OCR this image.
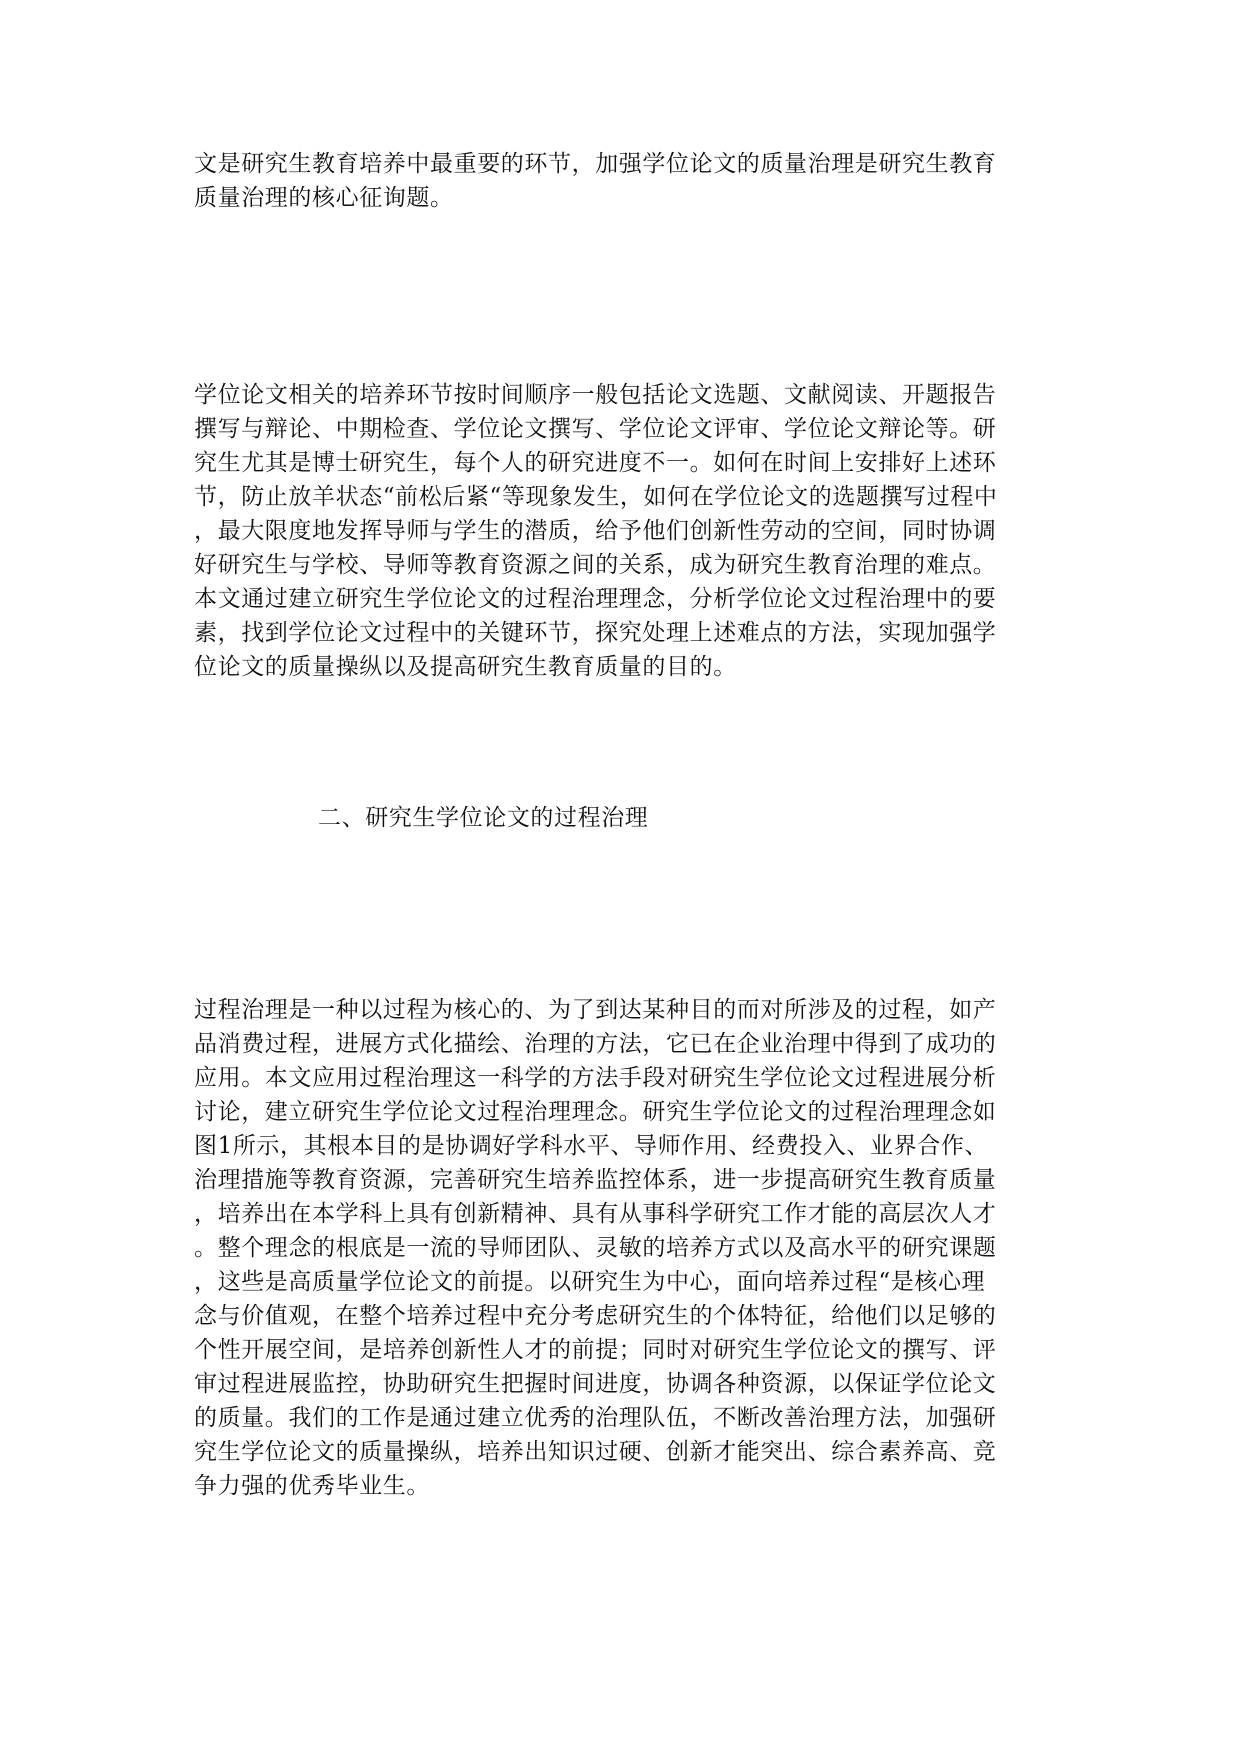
文是研究生教育培养中最重要的环节，加强学位论文的质量治理是研究生教育
质量治理的核心征询题。

学位论文相关的培养环节按时间顺序一般包括论文选题、文献阅读、开题报告
撰写与辩论、中期检查、学位论文撰写、学位论文评审、学位论文辩论等。研
究生尤其是博士研究生，每个人的研究进度不一。如何在时间上安排好上述环
节，防止放羊状态“前松后紧“等现象发生，如何在学位论文的选题撰写过程中
，最大限度地发挥导师与学生的潜质，给予他们创新性劳动的空间，同时协调
好研究生与学校、导师等教育资源之间的关系，成为研究生教育治理的难点。
本文通过建立研究生学位论文的过程治理理念，分析学位论文过程治理中的要
素，找到学位论文过程中的关键环节，探究处理上述难点的方法，实现加强学
位论文的质量操纵以及提高研究生教育质量的目的。

二、研究生学位论文的过程治理

过程治理是一种以过程为核心的、为了到达某种目的而对所涉及的过程，如产
品消费过程，进展方式化描绘、治理的方法，它已在企业治理中得到了成功的
应用。本文应用过程治理这一科学的方法手段对研究生学位论文过程进展分析
讨论，建立研究生学位论文过程治理理念。研究生学位论文的过程治理理念如
图1所示，其根本目的是协调好学科水平、导师作用、经费投入、业界合作、
治理措施等教育资源，完善研究生培养监控体系，进一步提高研究生教育质量
，培养出在本学科上具有创新精神、具有从事科学研究工作才能的高层次人才
。整个理念的根底是一流的导师团队、灵敏的培养方式以及高水平的研究课题
，这些是高质量学位论文的前提。以研究生为中心，面向培养过程“是核心理
念与价值观，在整个培养过程中充分考虑研究生的个体特征，给他们以足够的
个性开展空间，是培养创新性人才的前提；同时对研究生学位论文的撰写、评
审过程进展监控，协助研究生把握时间进度，协调各种资源，以保证学位论文
的质量。我们的工作是通过建立优秀的治理队伍，不断改善治理方法，加强研
究生学位论文的质量操纵，培养出知识过硬、创新才能突出、综合素养高、竞
争力强的优秀毕业生。
